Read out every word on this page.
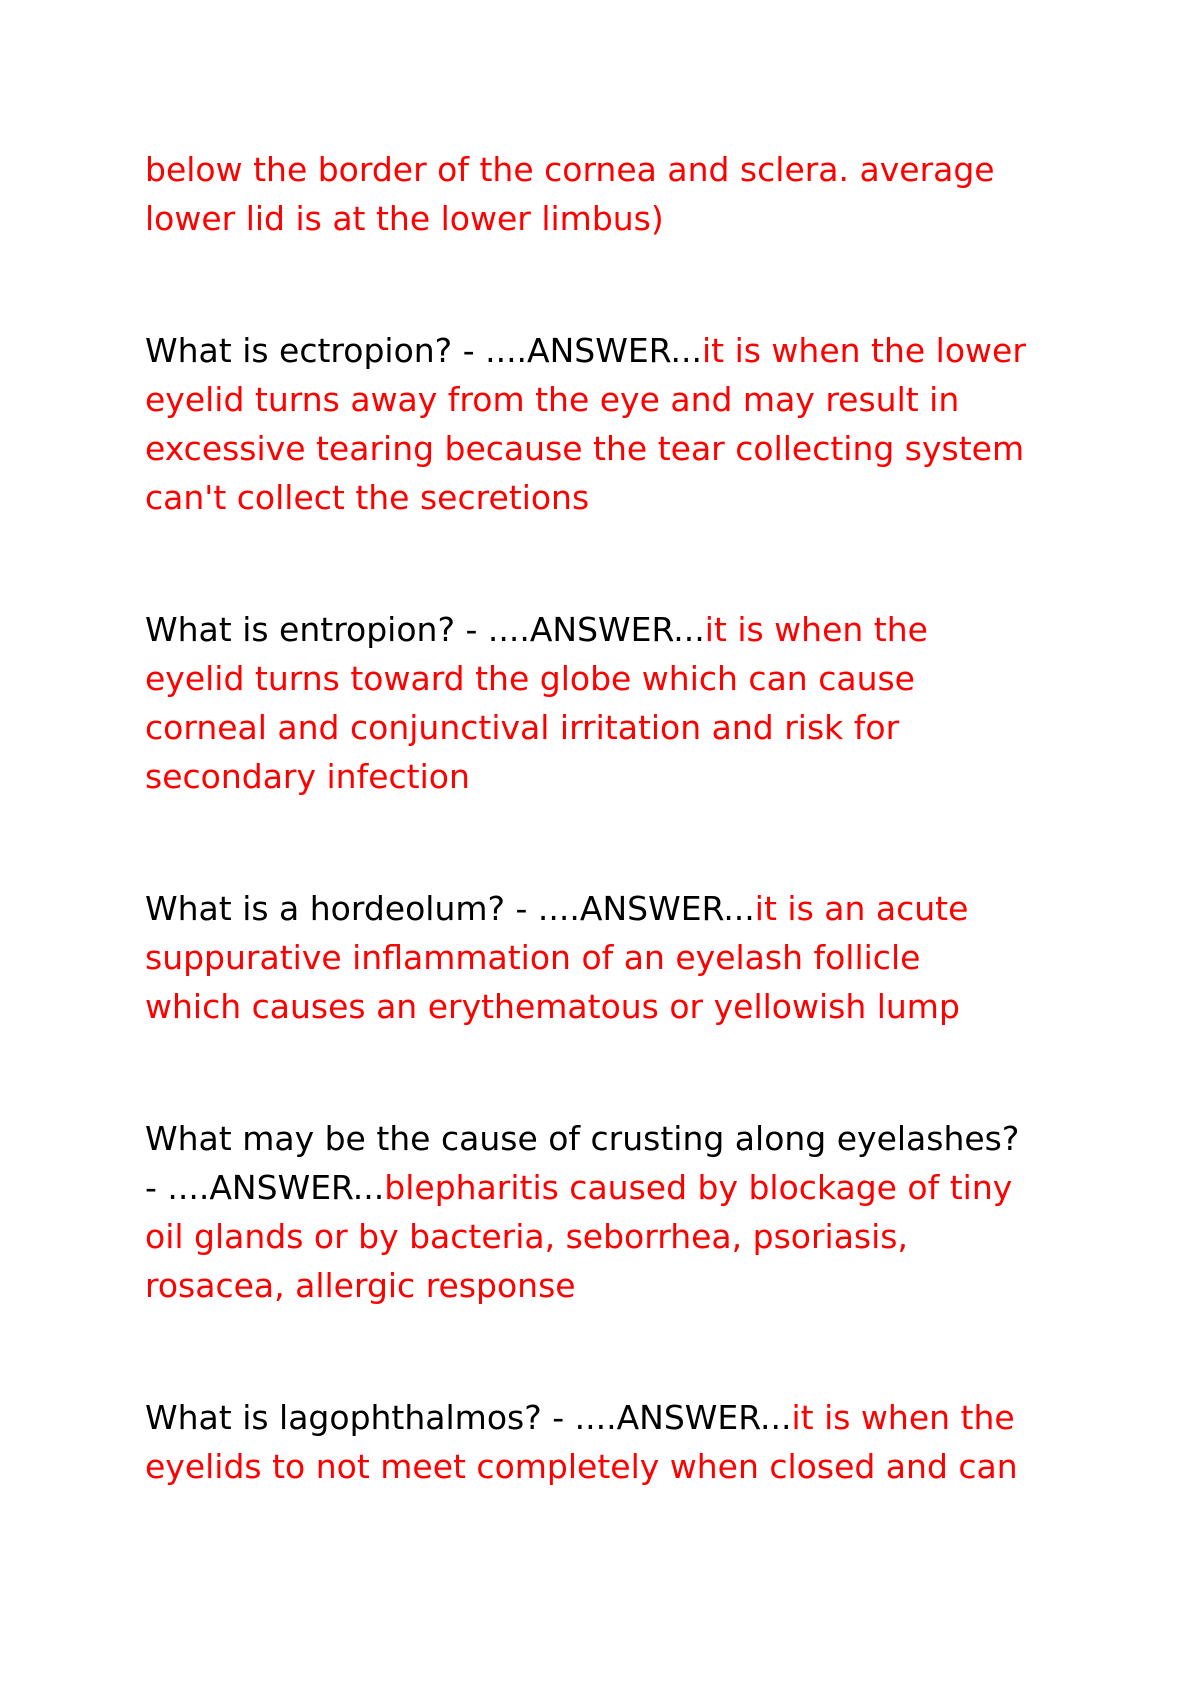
below the border of the cornea and sclera. average
lower lid is at the lower limbus)
What is ectropion? - ....ANSWER...it is when the lower
eyelid turns away from the eye and may result in
excessive tearing because the tear collecting system
can't collect the secretions
What is entropion? - ....ANSWER...it is when the
eyelid turns toward the globe which can cause
corneal and conjunctival irritation and risk for
secondary infection
What is a hordeolum? - ....ANSWER...it is an acute
suppurative inflammation of an eyelash follicle
which causes an erythematous or yellowish lump
What may be the cause of crusting along eyelashes?
- ....ANSWER...blepharitis caused by blockage of tiny
oil glands or by bacteria, seborrhea, psoriasis,
rosacea, allergic response
What is lagophthalmos? - ....ANSWER...it is when the
eyelids to not meet completely when closed and can
